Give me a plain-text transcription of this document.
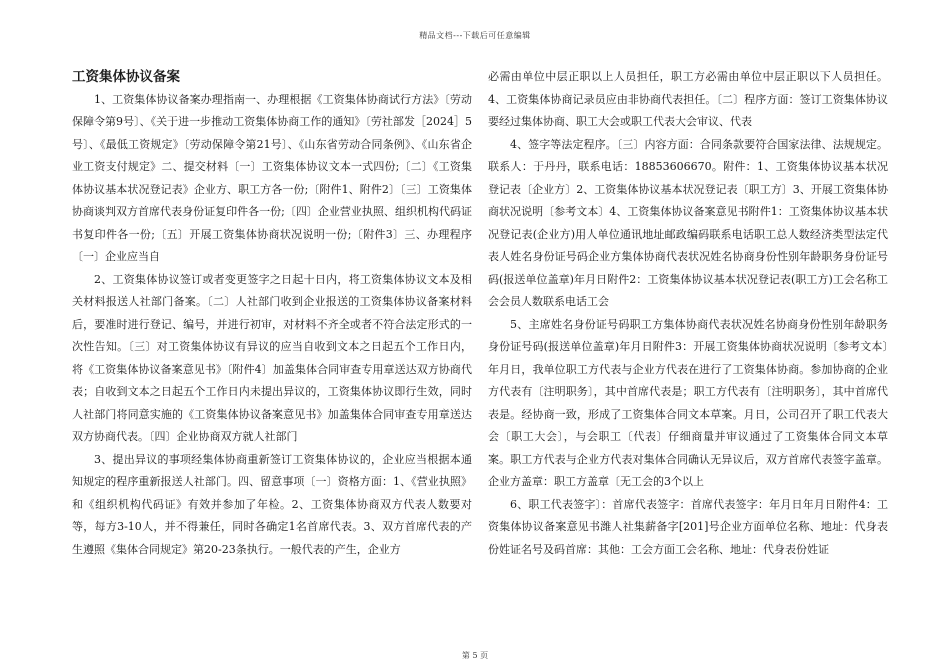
精品文档---下载后可任意编辑
工资集体协议备案

1、工资集体协议备案办理指南一、办理根据《工资集体协商试行方法》〔劳动保障令第9号〕、《关于进一步推动工资集体协商工作的通知》〔劳社部发［2024］5号〕、《最低工资规定》〔劳动保障令第21号〕、《山东省劳动合同条例》、《山东省企业工资支付规定》二、提交材料〔一〕工资集体协议文本一式四份;〔二〕《工资集体协议基本状况登记表》企业方、职工方各一份;〔附件1、附件2〕〔三〕工资集体协商谈判双方首席代表身份证复印件各一份;〔四〕企业营业执照、组织机构代码证书复印件各一份;〔五〕开展工资集体协商状况说明一份;〔附件3〕三、办理程序〔一〕企业应当自

2、工资集体协议签订或者变更签字之日起十日内，将工资集体协议文本及相关材料报送人社部门备案。〔二〕人社部门收到企业报送的工资集体协议备案材料后，要准时进行登记、编号，并进行初审，对材料不齐全或者不符合法定形式的一次性告知。〔三〕对工资集体协议有异议的应当自收到文本之日起五个工作日内，将《工资集体协议备案意见书》〔附件4〕加盖集体合同审查专用章送达双方协商代表；自收到文本之日起五个工作日内未提出异议的，工资集体协议即行生效，同时人社部门将同意实施的《工资集体协议备案意见书》加盖集体合同审查专用章送达双方协商代表。〔四〕企业协商双方就人社部门

3、提出异议的事项经集体协商重新签订工资集体协议的，企业应当根据本通知规定的程序重新报送人社部门。四、留意事项〔一〕资格方面：1、《营业执照》和《组织机构代码证》有效并参加了年检。2、工资集体协商双方代表人数要对等，每方3-10人，并不得兼任，同时各确定1名首席代表。3、双方首席代表的产生遵照《集体合同规定》第20-23条执行。一般代表的产生，企业方

必需由单位中层正职以上人员担任，职工方必需由单位中层正职以下人员担任。4、工资集体协商记录员应由非协商代表担任。〔二〕程序方面：签订工资集体协议要经过集体协商、职工大会或职工代表大会审议、代表

4、签字等法定程序。〔三〕内容方面：合同条款要符合国家法律、法规规定。联系人：于丹丹，联系电话：18853606670。附件：1、工资集体协议基本状况登记表〔企业方〕2、工资集体协议基本状况登记表〔职工方〕3、开展工资集体协商状况说明〔参考文本〕4、工资集体协议备案意见书附件1：工资集体协议基本状况登记表(企业方)用人单位通讯地址邮政编码联系电话职工总人数经济类型法定代表人姓名身份证号码企业方集体协商代表状况姓名协商身份性别年龄职务身份证号码(报送单位盖章)年月日附件2：工资集体协议基本状况登记表(职工方)工会名称工会会员人数联系电话工会

5、主席姓名身份证号码职工方集体协商代表状况姓名协商身份性别年龄职务身份证号码(报送单位盖章)年月日附件3：开展工资集体协商状况说明〔参考文本〕年月日，我单位职工方代表与企业方代表在进行了工资集体协商。参加协商的企业方代表有〔注明职务〕，其中首席代表是；职工方代表有〔注明职务〕，其中首席代表是。经协商一致，形成了工资集体合同文本草案。月日，公司召开了职工代表大会〔职工大会〕，与会职工〔代表〕仔细商量并审议通过了工资集体合同文本草案。职工方代表与企业方代表对集体合同确认无异议后，双方首席代表签字盖章。企业方盖章：职工方盖章〔无工会的3个以上

6、职工代表签字〕：首席代表签字：首席代表签字：年月日年月日附件4：工资集体协议备案意见书潍人社集薪备字[201]号企业方面单位名称、地址：代身表份姓证名号及码首席：其他：工会方面工会名称、地址：代身表份姓证

第 5 页
